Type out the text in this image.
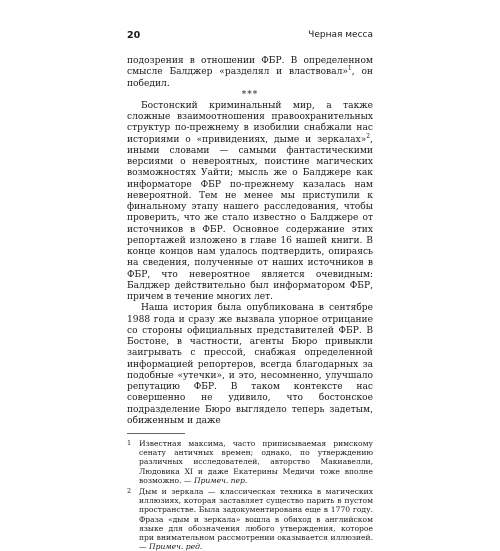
20	Черная месса

подозрения в отношении ФБР. В определенном смысле Балджер «разделял и властвовал»$^1$, он победил.

***

Бостонский криминальный мир, а также сложные взаимоотношения правоохранительных структур по-прежнему в изобилии снабжали нас историями о «привидениях, дыме и зеркалах»$^2$, иными словами — самыми фантастическими версиями о невероятных, поистине магических возможностях Уайти; мысль же о Балджере как информаторе ФБР по-прежнему казалась нам невероятной. Тем не менее мы приступили к финальному этапу нашего расследования, чтобы проверить, что же стало известно о Балджере от источников в ФБР. Основное содержание этих репортажей изложено в главе 16 нашей книги. В конце концов нам удалось подтвердить, опираясь на сведения, полученные от наших источников в ФБР, что невероятное является очевидным: Балджер действительно был информатором ФБР, причем в течение многих лет.

Наша история была опубликована в сентябре 1988 года и сразу же вызвала упорное отрицание со стороны официальных представителей ФБР. В Бостоне, в частности, агенты Бюро привыкли заигрывать с прессой, снабжая определенной информацией репортеров, всегда благодарных за подобные «утечки», и это, несомненно, улучшало репутацию ФБР. В таком контексте нас совершенно не удивило, что бостонское подразделение Бюро выглядело теперь задетым, обиженным и даже

1	Известная максима, часто приписываемая римскому сенату античных времен; однако, по утверждению различных исследователей, авторство Макиавелли, Людовика XI и даже Екатерины Медичи тоже вполне возможно. — Примеч. пер.
2	Дым и зеркала — классическая техника в магических иллюзиях, которая заставляет существо парить в пустом пространстве. Была задокументирована еще в 1770 году. Фраза «дым и зеркала» вошла в обиход в английском языке для обозначения любого утверждения, которое при внимательном рассмотрении оказывается иллюзией. — Примеч. ред.
